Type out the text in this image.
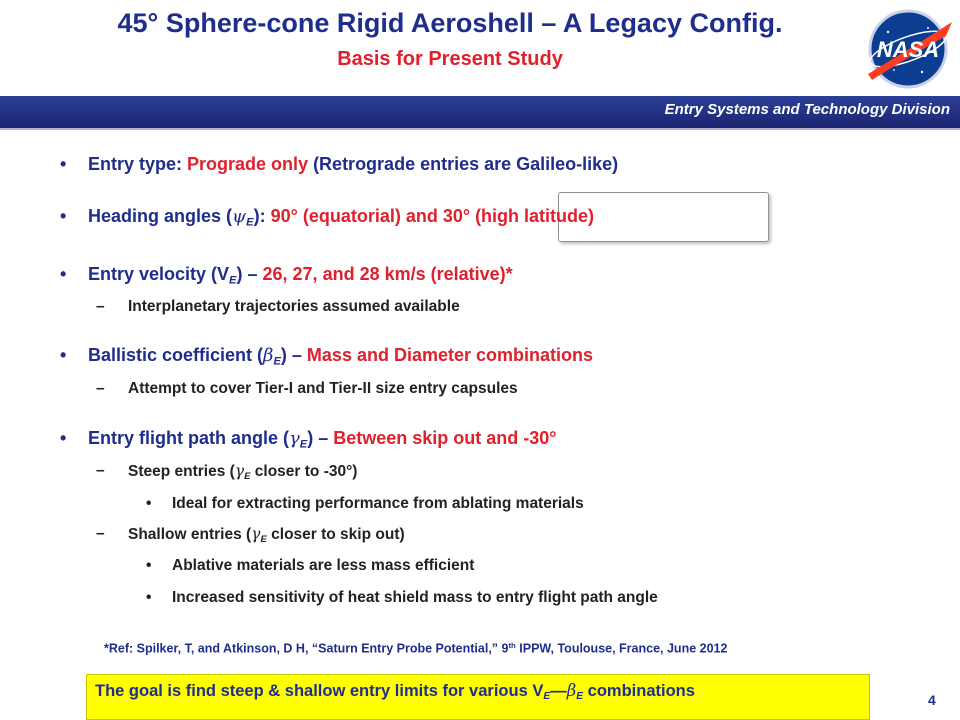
45° Sphere-cone Rigid Aeroshell – A Legacy Config.
Basis for Present Study	NASA
Entry Systems and Technology Division
• Entry type: Prograde only (Retrograde entries are Galileo-like)
• Heading angles $(\psi_E)$: 90° (equatorial) and 30° (high latitude)
• Entry velocity $(V_E) - 26$, 27, and 28 km/s (relative)*
– Interplanetary trajectories assumed available
• Ballistic coefficient $(\beta_E)$ – Mass and Diameter combinations
– Attempt to cover Tier-I and Tier-II size entry capsules
• Entry flight path angle $(\gamma_E)$ – Between skip out and -30°
– Steep entries ($\gamma_E$ closer to -30°)
• Ideal for extracting performance from ablating materials
– Shallow entries ($\gamma_E$ closer to skip out)
• Ablative materials are less mass efficient
• Increased sensitivity of heat shield mass to entry flight path angle
*Ref: Spilker, T, and Atkinson, D H, “Saturn Entry Probe Potential,” 9th IPPW, Toulouse, France, June 2012
The goal is find steep & shallow entry limits for various $V_E—\beta_E$ combinations	4
